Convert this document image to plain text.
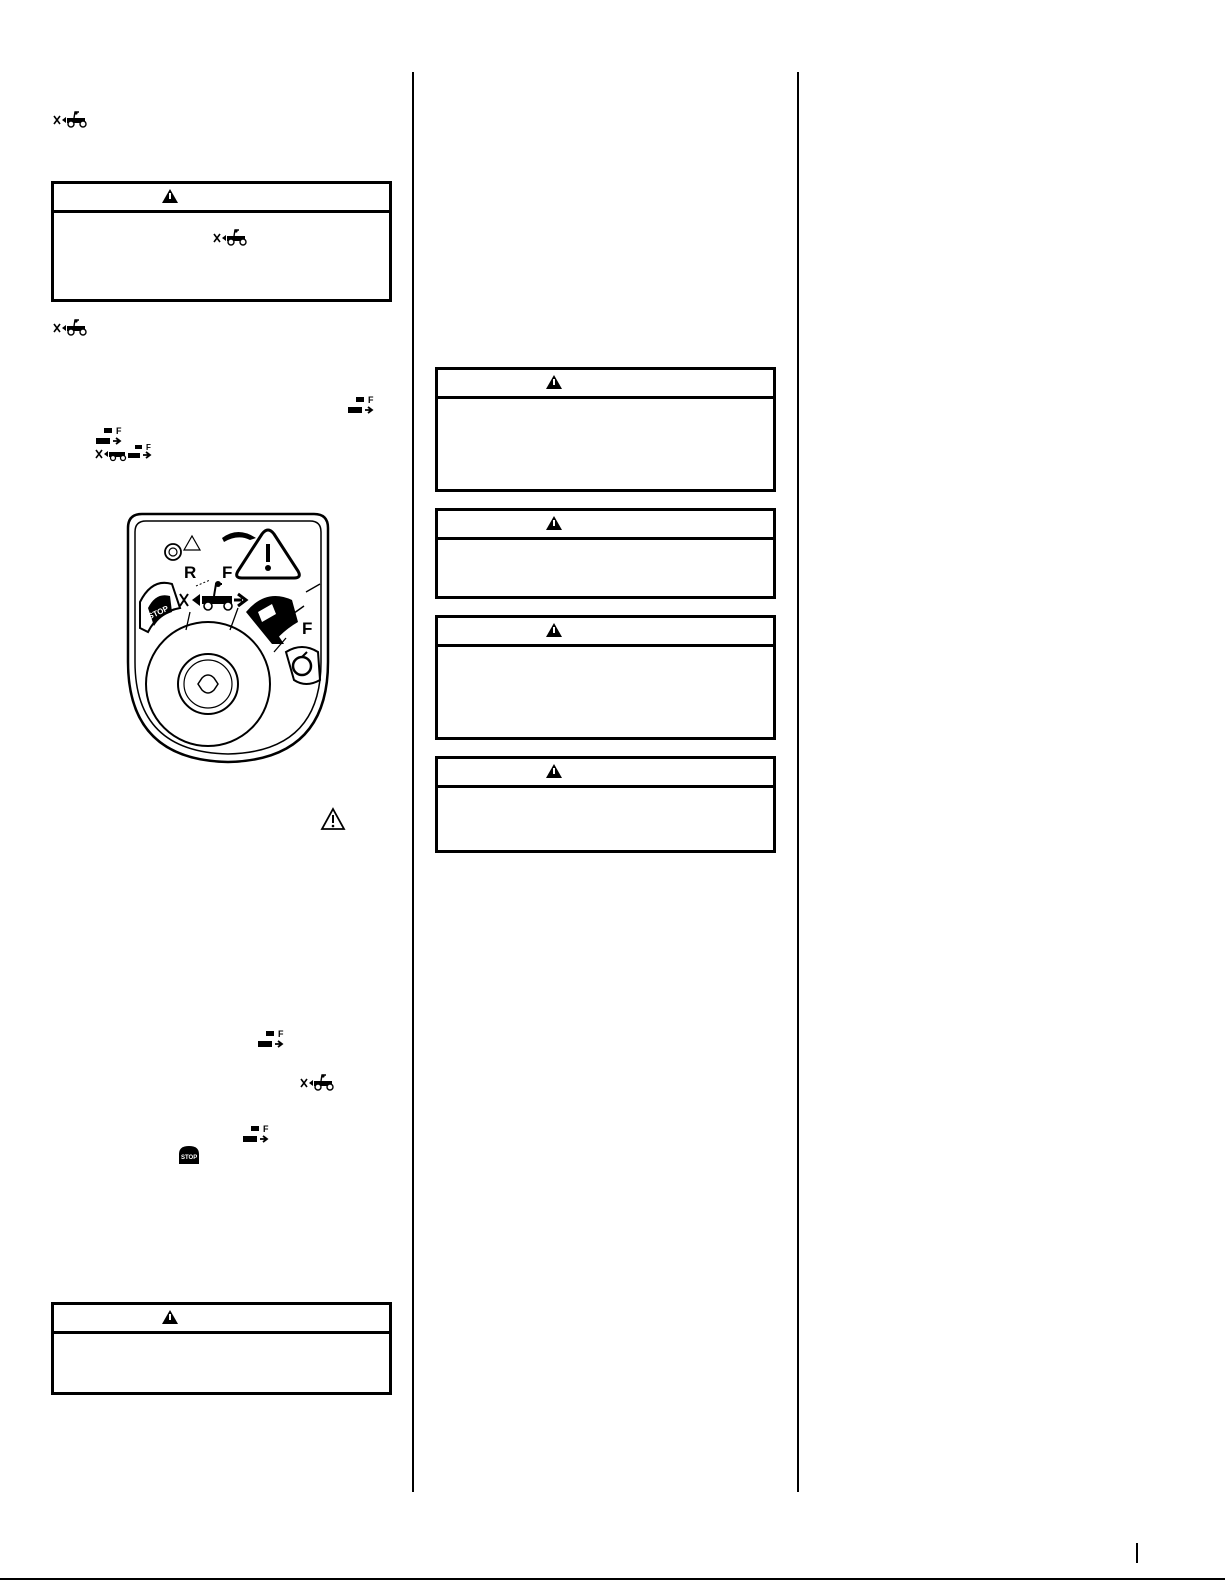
F
F
F
R F
STOP
F
F
F
STOP
